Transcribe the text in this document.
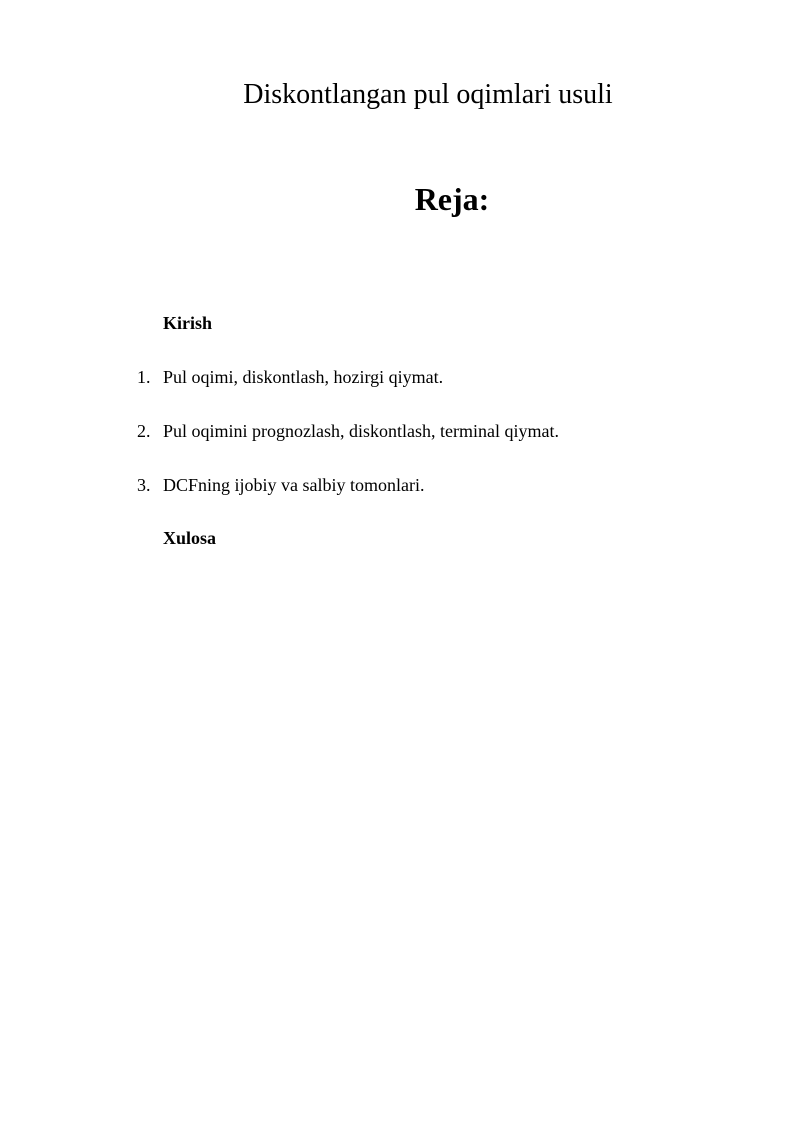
Diskontlangan pul oqimlari usuli
Reja:

Kirish

1. Pul oqimi, diskontlash, hozirgi qiymat.
2. Pul oqimini prognozlash, diskontlash, terminal qiymat.
3. DCFning ijobiy va salbiy tomonlari.

Xulosa
